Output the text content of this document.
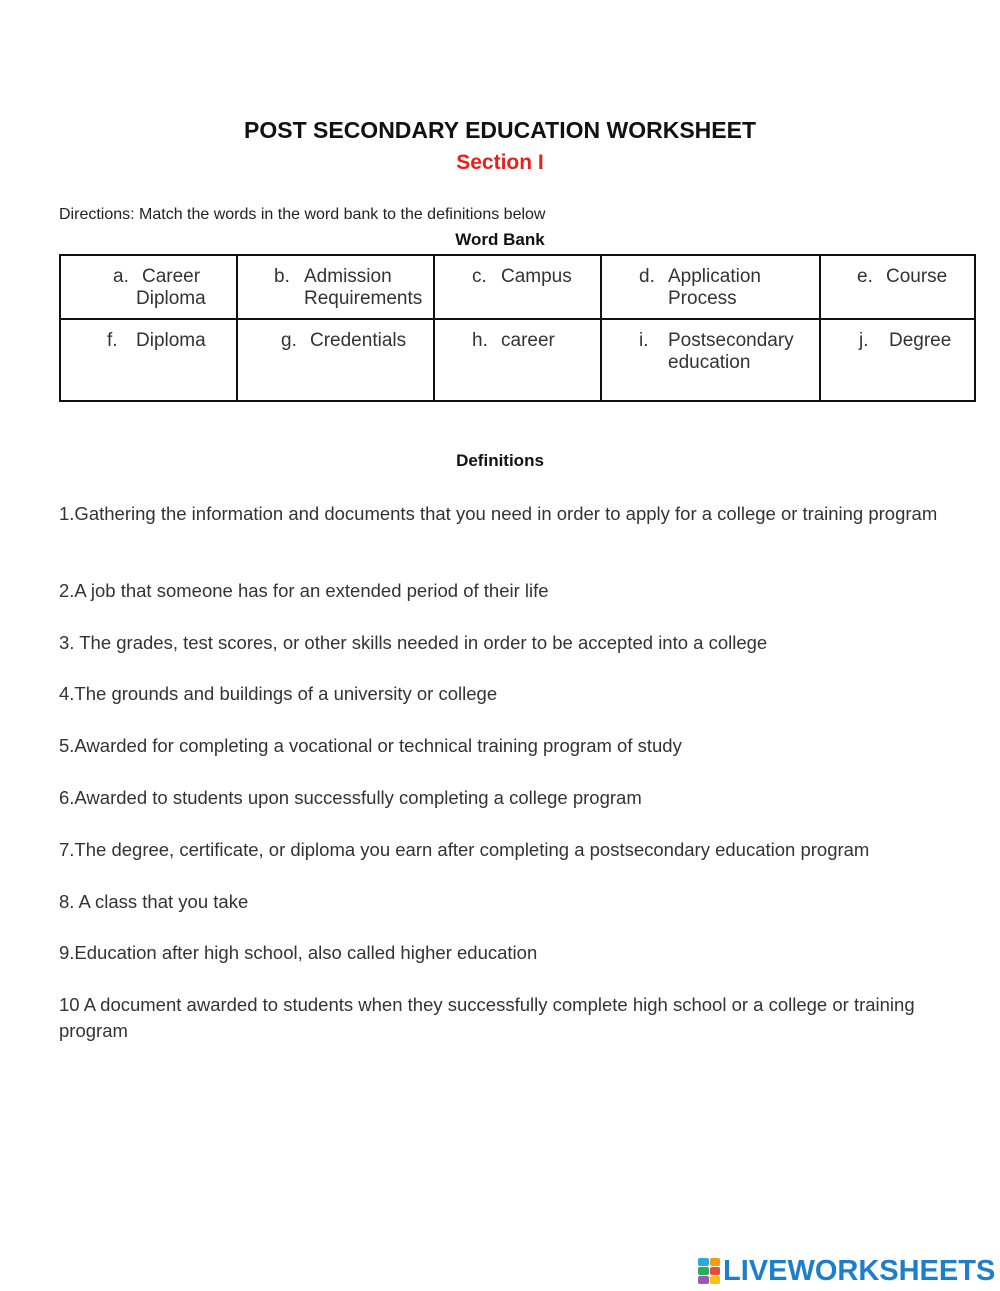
POST SECONDARY EDUCATION WORKSHEET
Section I
Directions: Match the words in the word bank to the definitions below
Word Bank
a. Career
Diploma	b. Admission
Requirements	c. Campus	d. Application
Process	e. Course

f. Diploma	g. Credentials	h. career	i. Postsecondary
education	j. Degree
Definitions
1.Gathering the information and documents that you need in order to apply for a college or training program
2.A job that someone has for an extended period of their life
3. The grades, test scores, or other skills needed in order to be accepted into a college
4.The grounds and buildings of a university or college
5.Awarded for completing a vocational or technical training program of study
6.Awarded to students upon successfully completing a college program
7.The degree, certificate, or diploma you earn after completing a postsecondary education program
8. A class that you take
9.Education after high school, also called higher education
10 A document awarded to students when they successfully complete high school or a college or training program
LIVEWORKSHEETS
